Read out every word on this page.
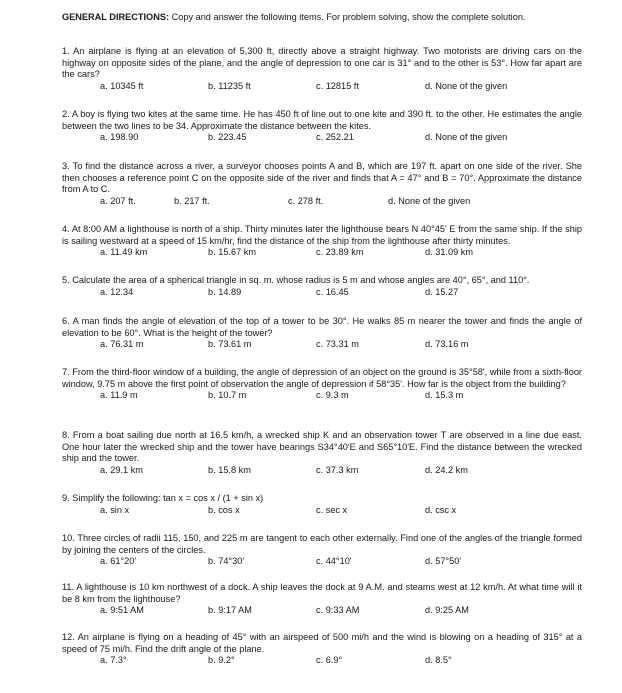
GENERAL DIRECTIONS: Copy and answer the following items. For problem solving, show the complete solution.
1. An airplane is flying at an elevation of 5,300 ft, directly above a straight highway. Two motorists are driving cars on the highway on opposite sides of the plane, and the angle of depression to one car is 31° and to the other is 53°. How far apart are the cars?
a. 10345 ft	b. 11235 ft	c. 12815 ft	d. None of the given
2. A boy is flying two kites at the same time. He has 450 ft of line out to one kite and 390 ft. to the other. He estimates the angle between the two lines to be 34. Approximate the distance between the kites.
a. 198.90	b. 223.45	c. 252.21	d. None of the given
3. To find the distance across a river, a surveyor chooses points A and B, which are 197 ft. apart on one side of the river. She then chooses a reference point C on the opposite side of the river and finds that A = 47° and B = 70°. Approximate the distance from A to C.
a. 207 ft.	b. 217 ft.	c. 278 ft.	d. None of the given
4. At 8:00 AM a lighthouse is north of a ship. Thirty minutes later the lighthouse bears N 40°45' E from the same ship. If the ship is sailing westward at a speed of 15 km/hr, find the distance of the ship from the lighthouse after thirty minutes.
a. 11.49 km	b. 15.67 km	c. 23.89 km	d. 31.09 km
5. Calculate the area of a spherical triangle in sq. m. whose radius is 5 m and whose angles are 40°, 65°, and 110°.
a. 12.34	b. 14.89	c. 16.45	d. 15.27
6. A man finds the angle of elevation of the top of a tower to be 30°. He walks 85 m nearer the tower and finds the angle of elevation to be 60°. What is the height of the tower?
a. 76.31 m	b. 73.61 m	c. 73.31 m	d. 73.16 m
7. From the third-floor window of a building, the angle of depression of an object on the ground is 35°58', while from a sixth-floor window, 9.75 m above the first point of observation the angle of depression if 58°35'. How far is the object from the building?
a. 11.9 m	b. 10.7 m	c. 9.3 m	d. 15.3 m
8. From a boat sailing due north at 16.5 km/h, a wrecked ship K and an observation tower T are observed in a line due east. One hour later the wrecked ship and the tower have bearings S34°40'E and S65°10'E. Find the distance between the wrecked ship and the tower.
a. 29.1 km	b. 15.8 km	c. 37.3 km	d. 24.2 km
9. Simplify the following: tan x = cos x / (1 + sin x)
a. sin x	b. cos x	c. sec x	d. csc x
10. Three circles of radii 115, 150, and 225 m are tangent to each other externally. Find one of the angles of the triangle formed by joining the centers of the circles.
a. 61°20'	b. 74°30'	c. 44°10'	d. 57°50'
11. A lighthouse is 10 km northwest of a dock. A ship leaves the dock at 9 A.M. and steams west at 12 km/h. At what time will it be 8 km from the lighthouse?
a. 9:51 AM	b. 9:17 AM	c. 9:33 AM	d. 9:25 AM
12. An airplane is flying on a heading of 45° with an airspeed of 500 mi/h and the wind is blowing on a heading of 315° at a speed of 75 mi/h. Find the drift angle of the plane.
a. 7.3°	b. 9.2°	c. 6.9°	d. 8.5°
